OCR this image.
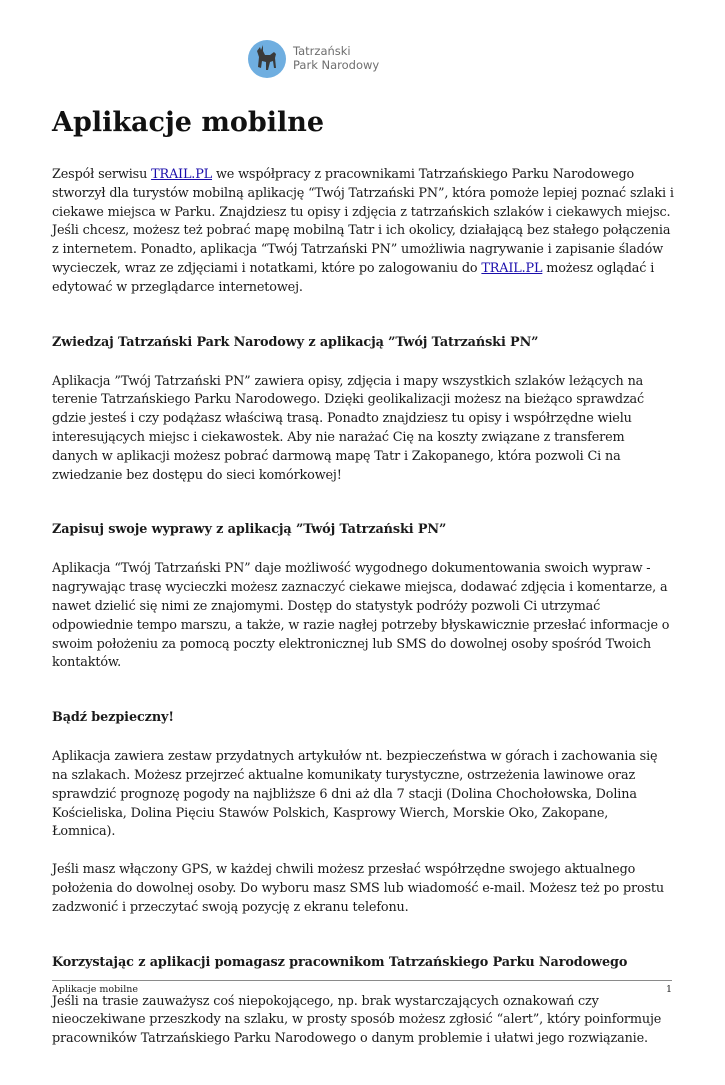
Tatrzański
Park Narodowy
Aplikacje mobilne

Zespół serwisu TRAIL.PL we współpracy z pracownikami Tatrzańskiego Parku Narodowego stworzył dla turystów mobilną aplikację “Twój Tatrzański PN”, która pomoże lepiej poznać szlaki i ciekawe miejsca w Parku. Znajdziesz tu opisy i zdjęcia z tatrzańskich szlaków i ciekawych miejsc. Jeśli chcesz, możesz też pobrać mapę mobilną Tatr i ich okolicy, działającą bez stałego połączenia z internetem. Ponadto, aplikacja “Twój Tatrzański PN” umożliwia nagrywanie i zapisanie śladów wycieczek, wraz ze zdjęciami i notatkami, które po zalogowaniu do TRAIL.PL możesz oglądać i edytować w przeglądarce internetowej.

Zwiedzaj Tatrzański Park Narodowy z aplikacją ”Twój Tatrzański PN”

Aplikacja ”Twój Tatrzański PN” zawiera opisy, zdjęcia i mapy wszystkich szlaków leżących na terenie Tatrzańskiego Parku Narodowego. Dzięki geolikalizacji możesz na bieżąco sprawdzać gdzie jesteś i czy podążasz właściwą trasą. Ponadto znajdziesz tu opisy i współrzędne wielu interesujących miejsc i ciekawostek. Aby nie narażać Cię na koszty związane z transferem danych w aplikacji możesz pobrać darmową mapę Tatr i Zakopanego, która pozwoli Ci na zwiedzanie bez dostępu do sieci komórkowej!

Zapisuj swoje wyprawy z aplikacją ”Twój Tatrzański PN”

Aplikacja “Twój Tatrzański PN” daje możliwość wygodnego dokumentowania swoich wypraw - nagrywając trasę wycieczki możesz zaznaczyć ciekawe miejsca, dodawać zdjęcia i komentarze, a nawet dzielić się nimi ze znajomymi. Dostęp do statystyk podróży pozwoli Ci utrzymać odpowiednie tempo marszu, a także, w razie nagłej potrzeby błyskawicznie przesłać informacje o swoim położeniu za pomocą poczty elektronicznej lub SMS do dowolnej osoby spośród Twoich kontaktów.

Bądź bezpieczny!

Aplikacja zawiera zestaw przydatnych artykułów nt. bezpieczeństwa w górach i zachowania się na szlakach. Możesz przejrzeć aktualne komunikaty turystyczne, ostrzeżenia lawinowe oraz sprawdzić prognozę pogody na najbliższe 6 dni aż dla 7 stacji (Dolina Chochołowska, Dolina Kościeliska, Dolina Pięciu Stawów Polskich, Kasprowy Wierch, Morskie Oko, Zakopane, Łomnica).

Jeśli masz włączony GPS, w każdej chwili możesz przesłać współrzędne swojego aktualnego położenia do dowolnej osoby. Do wyboru masz SMS lub wiadomość e-mail. Możesz też po prostu zadzwonić i przeczytać swoją pozycję z ekranu telefonu.

Korzystając z aplikacji pomagasz pracownikom Tatrzańskiego Parku Narodowego

Jeśli na trasie zauważysz coś niepokojącego, np. brak wystarczających oznakowań czy nieoczekiwane przeszkody na szlaku, w prosty sposób możesz zgłosić “alert”, który poinformuje pracowników Tatrzańskiego Parku Narodowego o danym problemie i ułatwi jego rozwiązanie.

Aplikacje mobilne	1
